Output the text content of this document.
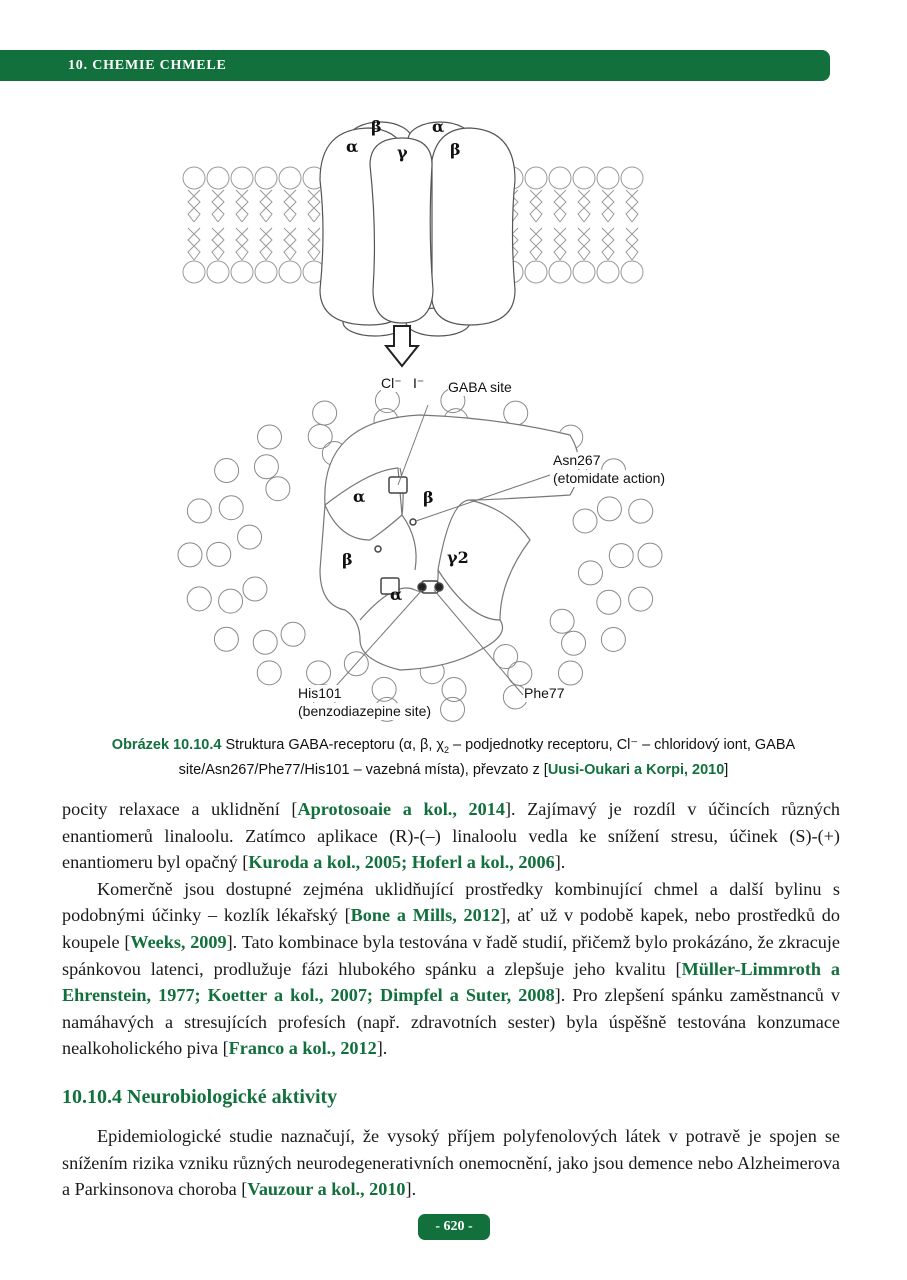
10. CHEMIE CHMELE
β	α
α γ	β
α	β
β	γ2
α
Cl⁻ I⁻ GABA site
Asn267
(etomidate action)
His101
(benzodiazepine site)
Phe77
Obrázek 10.10.4 Struktura GABA-receptoru (α, β, $\chi_2$ – podjednotky receptoru, Cl⁻ – chloridový iont, GABA site/Asn267/Phe77/His101 – vazebná místa), převzato z [Uusi-Oukari a Korpi, 2010]

pocity relaxace a uklidnění [Aprotosoaie a kol., 2014]. Zajímavý je rozdíl v účincích různých enantiomerů linaloolu. Zatímco aplikace (R)-(–) linaloolu vedla ke snížení stresu, účinek (S)-(+) enantiomeru byl opačný [Kuroda a kol., 2005; Hoferl a kol., 2006].

Komerčně jsou dostupné zejména uklidňující prostředky kombinující chmel a další bylinu s podobnými účinky – kozlík lékařský [Bone a Mills, 2012], ať už v podobě kapek, nebo prostředků do koupele [Weeks, 2009]. Tato kombinace byla testována v řadě studií, přičemž bylo prokázáno, že zkracuje spánkovou latenci, prodlužuje fázi hlubokého spánku a zlepšuje jeho kvalitu [Müller-Limmroth a Ehrenstein, 1977; Koetter a kol., 2007; Dimpfel a Suter, 2008]. Pro zlepšení spánku zaměstnanců v namáhavých a stresujících profesích (např. zdravotních sester) byla úspěšně testována konzumace nealkoholického piva [Franco a kol., 2012].

10.10.4 Neurobiologické aktivity

Epidemiologické studie naznačují, že vysoký příjem polyfenolových látek v potravě je spojen se snížením rizika vzniku různých neurodegenerativních onemocnění, jako jsou demence nebo Alzheimerova a Parkinsonova choroba [Vauzour a kol., 2010].

- 620 -
